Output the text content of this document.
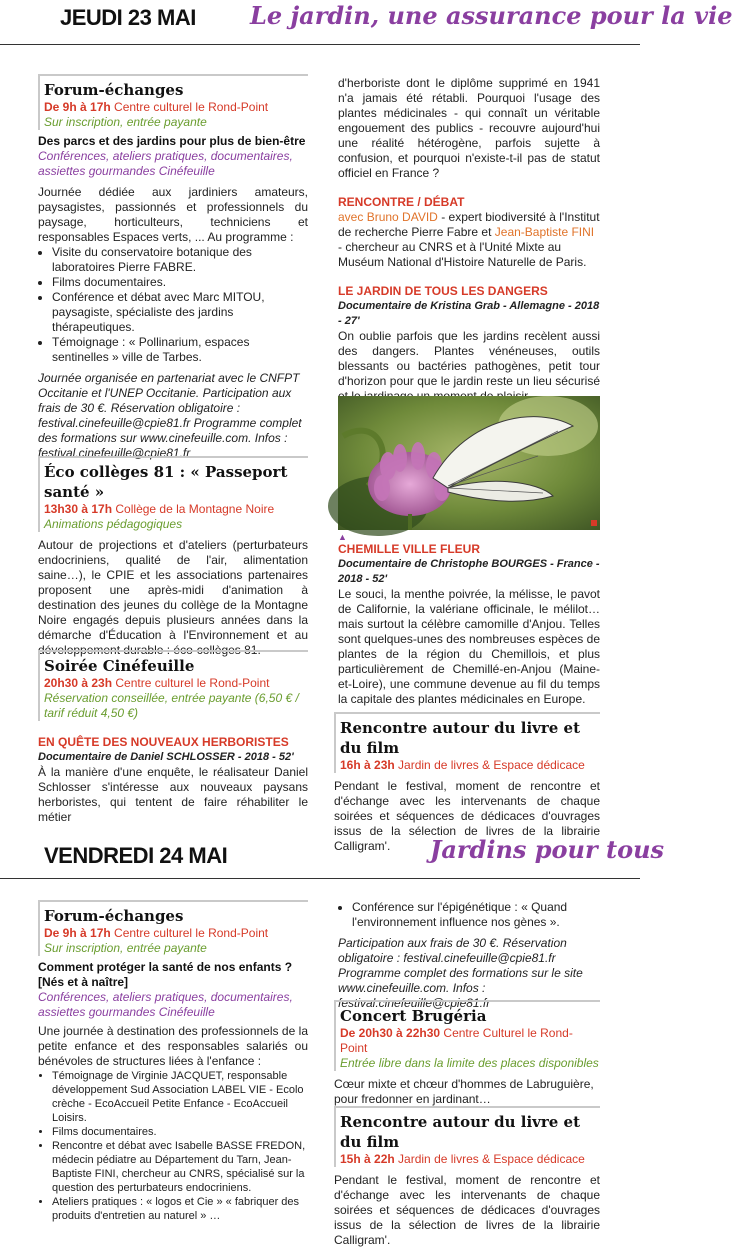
JEUDI 23 MAI Le jardin, une assurance pour la vie
Forum-échanges
De 9h à 17h Centre culturel le Rond-Point
Sur inscription, entrée payante
Des parcs et des jardins pour plus de bien-être
Conférences, ateliers pratiques, documentaires, assiettes gourmandes Cinéfeuille

Journée dédiée aux jardiniers amateurs, paysagistes, passionnés et professionnels du paysage, horticulteurs, techniciens et responsables Espaces verts, ... Au programme :

• Visite du conservatoire botanique des laboratoires Pierre FABRE.
• Films documentaires.
• Conférence et débat avec Marc MITOU, paysagiste, spécialiste des jardins thérapeutiques.
• Témoignage : « Pollinarium, espaces sentinelles » ville de Tarbes.

Journée organisée en partenariat avec le CNFPT Occitanie et l'UNEP Occitanie. Participation aux frais de 30 €. Réservation obligatoire : festival.cinefeuille@cpie81.fr Programme complet des formations sur www.cinefeuille.com. Infos : festival.cinefeuille@cpie81.fr

Éco collèges 81 : « Passeport santé »
13h30 à 17h Collège de la Montagne Noire
Animations pédagogiques

Autour de projections et d'ateliers (perturbateurs endocriniens, qualité de l'air, alimentation saine…), le CPIE et les associations partenaires proposent une après-midi d'animation à destination des jeunes du collège de la Montagne Noire engagés depuis plusieurs années dans la démarche d'Éducation à l'Environnement et au développement durable : éco-collèges 81.

Soirée Cinéfeuille
20h30 à 23h Centre culturel le Rond-Point
Réservation conseillée, entrée payante (6,50 € / tarif réduit 4,50 €)
EN QUÊTE DES NOUVEAUX HERBORISTES
Documentaire de Daniel SCHLOSSER - 2018 - 52'

À la manière d'une enquête, le réalisateur Daniel Schlosser s'intéresse aux nouveaux paysans herboristes, qui tentent de faire réhabiliter le métier

d'herboriste dont le diplôme supprimé en 1941 n'a jamais été rétabli. Pourquoi l'usage des plantes médicinales - qui connaît un véritable engouement des publics - recouvre aujourd'hui une réalité hétérogène, parfois sujette à confusion, et pourquoi n'existe-t-il pas de statut officiel en France ?

RENCONTRE / DÉBAT

avec Bruno DAVID - expert biodiversité à l'Institut de recherche Pierre Fabre et Jean-Baptiste FINI - chercheur au CNRS et à l'Unité Mixte au Muséum National d'Histoire Naturelle de Paris.

LE JARDIN DE TOUS LES DANGERS
Documentaire de Kristina Grab - Allemagne - 2018 - 27'

On oublie parfois que les jardins recèlent aussi des dangers. Plantes vénéneuses, outils blessants ou bactéries pathogènes, petit tour d'horizon pour que le jardin reste un lieu sécurisé

▲
CHEMILLE VILLE FLEUR
Documentaire de Christophe BOURGES - France - 2018 - 52'

Le souci, la menthe poivrée, la mélisse, le pavot de Californie, la valériane officinale, le mélilot… mais surtout la célèbre camomille d'Anjou. Telles sont quelques-unes des nombreuses espèces de plantes de la région du Chemillois, et plus particulièrement de Chemillé-en-Anjou (Maine-et-Loire), une commune devenue au fil du temps la capitale des plantes médicinales en Europe.

Rencontre autour du livre et du film
16h à 23h Jardin de livres & Espace dédicace

Pendant le festival, moment de rencontre et d'échange avec les intervenants de chaque soirées et séquences de dédicaces d'ouvrages issus de la sélection de livres de la librairie Calligram'.

VENDREDI 24 MAI	Jardins pour tous
Forum-échanges
De 9h à 17h Centre culturel le Rond-Point
Sur inscription, entrée payante
Comment protéger la santé de nos enfants ? [Nés et à naître]
Conférences, ateliers pratiques, documentaires, assiettes gourmandes Cinéfeuille

Une journée à destination des professionnels de la petite enfance et des responsables salariés ou bénévoles de structures liées à l'enfance :

• Témoignage de Virginie JACQUET, responsable développement Sud Association LABEL VIE - Ecolo crèche - EcoAccueil Petite Enfance - EcoAccueil Loisirs.
• Films documentaires.
• Rencontre et débat avec Isabelle BASSE FREDON, médecin pédiatre au Département du Tarn, Jean-Baptiste FINI, chercheur au CNRS, spécialisé sur la question des perturbateurs endocriniens.
• Ateliers pratiques : « logos et Cie » « fabriquer des produits d'entretien au naturel » …
• Conférence sur l'épigénétique : « Quand l'environnement influence nos gènes ».

Participation aux frais de 30 €. Réservation obligatoire : festival.cinefeuille@cpie81.fr Programme complet des formations sur le site www.cinefeuille.com. Infos : festival.cinefeuille@cpie81.fr

Concert Brugéria
De 20h30 à 22h30 Centre Culturel le Rond-Point
Entrée libre dans la limite des places disponibles

Cœur mixte et chœur d'hommes de Labruguière, pour fredonner en jardinant…

Rencontre autour du livre et du film
15h à 22h Jardin de livres & Espace dédicace

Pendant le festival, moment de rencontre et d'échange avec les intervenants de chaque soirées et séquences de dédicaces d'ouvrages issus de la sélection de livres de la librairie Calligram'.
